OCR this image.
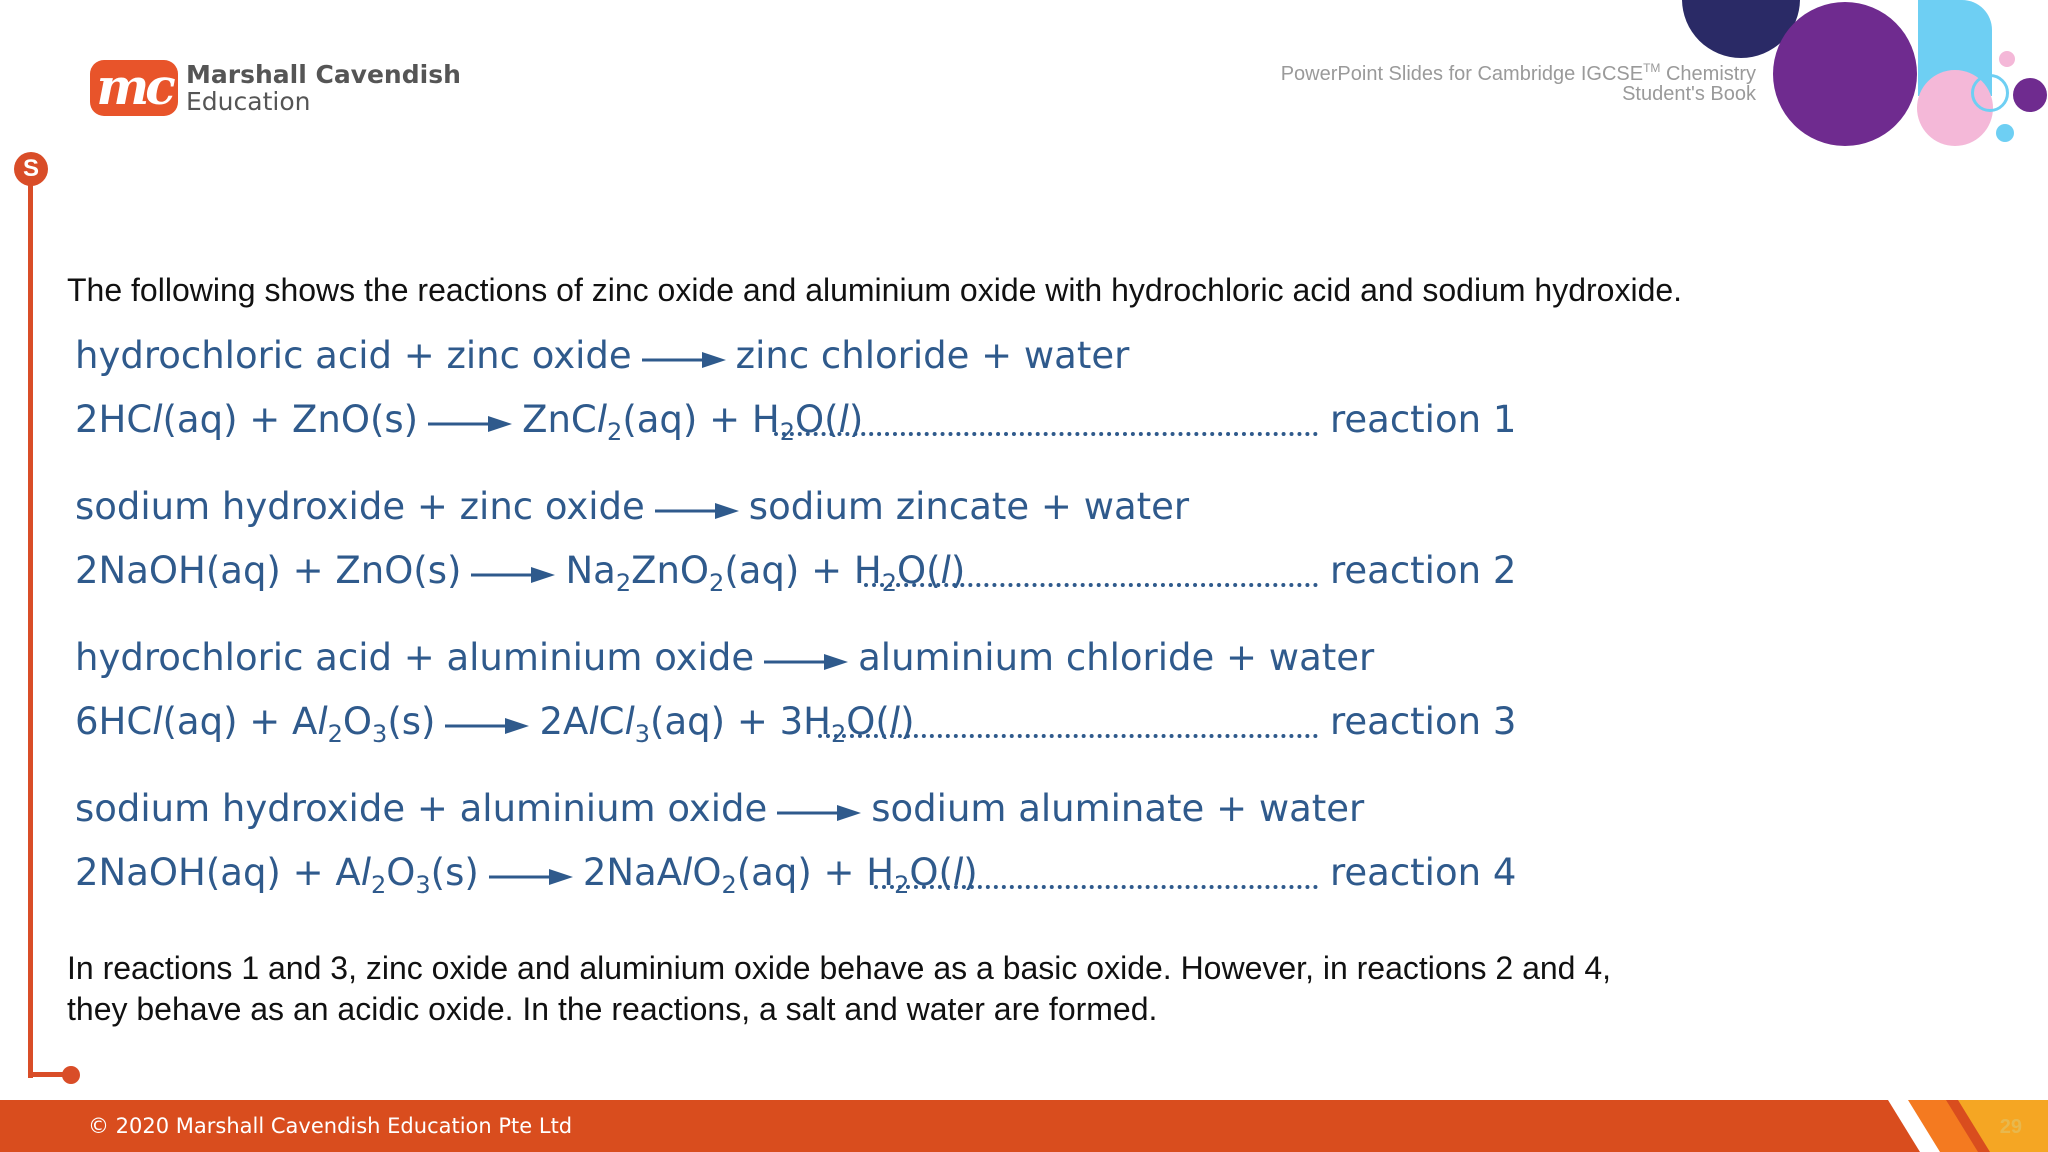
mc Marshall Cavendish
Education
PowerPoint Slides for Cambridge IGCSE™ Chemistry
Student's Book
S
The following shows the reactions of zinc oxide and aluminium oxide with hydrochloric acid and sodium hydroxide.
hydrochloric acid + zinc oxide	zinc chloride + water
2HCl(aq) + ZnO(s)	ZnCl$_2$(aq) + $H_2O(l)$	reaction 1
sodium hydroxide + zinc oxide	sodium zincate + water
2NaOH(aq) + ZnO(s)	$Na_2ZnO_2(aq) + H_2O(l)$	reaction 2
hydrochloric acid + aluminium oxide	aluminium chloride + water
$6HCl(aq) + Al_2O_3(s)$	2AlCl$_3$(aq) + $3H_2O(l)$	reaction 3
sodium hydroxide + aluminium oxide	sodium aluminate + water
2NaOH(aq) + $Al_2O_3(s)$	2NaAlO$_2$(aq) + $H_2O(l)$	reaction 4
In reactions 1 and 3, zinc oxide and aluminium oxide behave as a basic oxide. However, in reactions 2 and 4,
they behave as an acidic oxide. In the reactions, a salt and water are formed.
© 2020 Marshall Cavendish Education Pte Ltd	29
